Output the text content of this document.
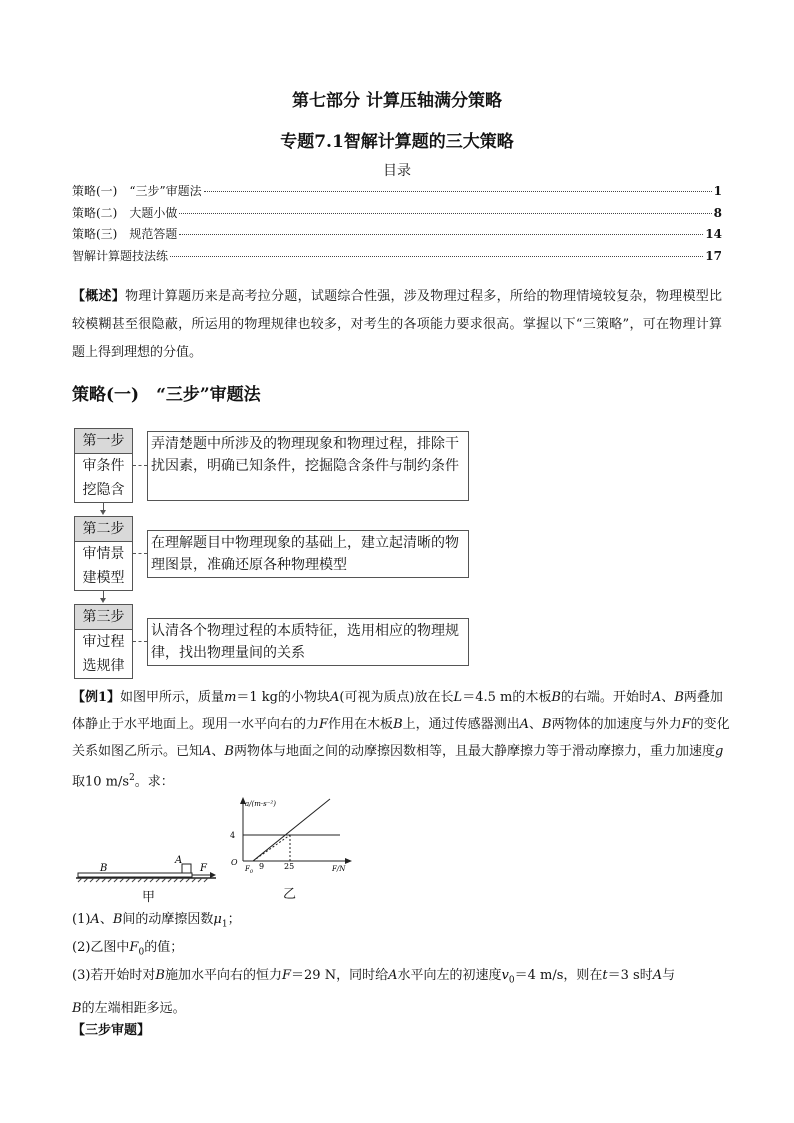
第七部分 计算压轴满分策略
专题7.1智解计算题的三大策略
目录
策略(一)　“三步”审题法	1
策略(二)　大题小做	8
策略(三)　规范答题	14
智解计算题技法练	17
【概述】物理计算题历来是高考拉分题，试题综合性强，涉及物理过程多，所给的物理情境较复杂，物理模型比较模糊甚至很隐蔽，所运用的物理规律也较多，对考生的各项能力要求很高。掌握以下“三策略”，可在物理计算题上得到理想的分值。
策略(一)　“三步”审题法
第一步
审条件
挖隐含
弄清楚题中所涉及的物理现象和物理过程，排除干扰因素，明确已知条件，挖掘隐含条件与制约条件
第二步
审情景
建模型
在理解题目中物理现象的基础上，建立起清晰的物理图景，准确还原各种物理模型
第三步
审过程
选规律
认清各个物理过程的本质特征，选用相应的物理规律，找出物理量间的关系
【例1】如图甲所示，质量m＝1 kg的小物块A(可视为质点)放在长L＝4.5 m的木板B的右端。开始时A、B两叠加体静止于水平地面上。现用一水平向右的力F作用在木板B上，通过传感器测出A、B两物体的加速度与外力F的变化关系如图乙所示。已知A、B两物体与地面之间的动摩擦因数相等，且最大静摩擦力等于滑动摩擦力，重力加速度g取10 $m/s^2$。求：
B
A
F
甲
a/(m·s⁻²)
4
O
$F_0$
9 25	F/N
乙
(1)A、B间的动摩擦因数$\mu_1$；
(2)乙图中$F_0$的值；
(3)若开始时对B施加水平向右的恒力F＝29 N，同时给A水平向左的初速度$v_0=4$ m/s，则在t＝3 s时A与
B的左端相距多远。
【三步审题】
